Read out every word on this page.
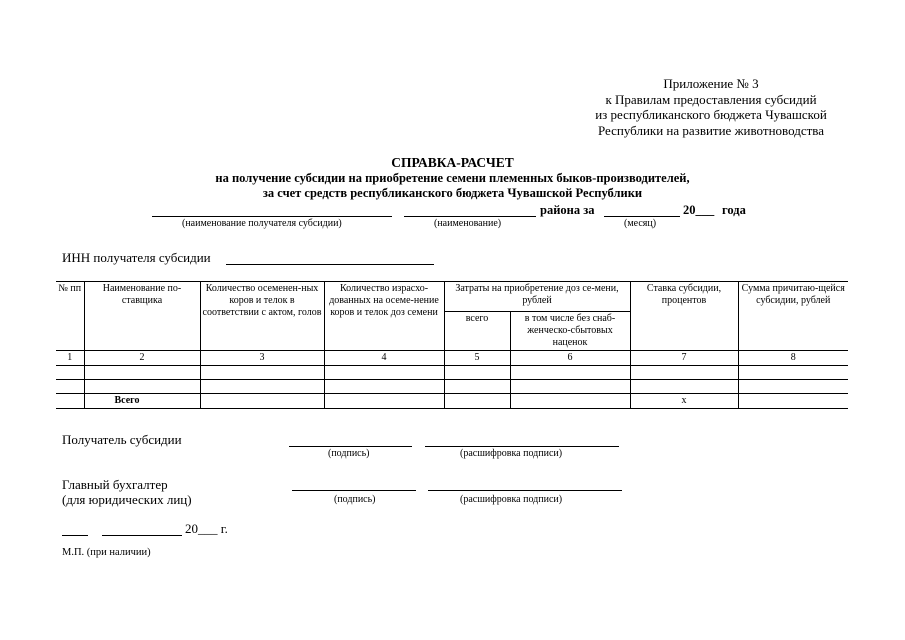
Приложение № 3
к Правилам предоставления субсидий
из республиканского бюджета Чувашской
Республики на развитие животноводства
СПРАВКА-РАСЧЕТ
на получение субсидии на приобретение семени племенных быков-производителей,
за счет средств республиканского бюджета Чувашской Республики
района за	20___ года
(наименование получателя субсидии)	(наименование)	(месяц)
ИНН получателя субсидии
№ пп	Наименование по-ставщика	Количество осеменен-ных коров и телок в соответствии с актом, голов	Количество израсхо-дованных на осеме-нение коров и телок доз семени	Затраты на приобретение доз се-мени, рублей		Ставка субсидии, процентов	Сумма причитаю-щейся субсидии, рублей
				всего	в том числе без снаб-женческо-сбытовых наценок		
1	2	3	4	5	6	7	8

	Всего					x	
Получатель субсидии
(подпись)	(расшифровка подписи)
Главный бухгалтер
(для юридических лиц)	(подпись)	(расшифровка подписи)
20___ г.
М.П. (при наличии)
